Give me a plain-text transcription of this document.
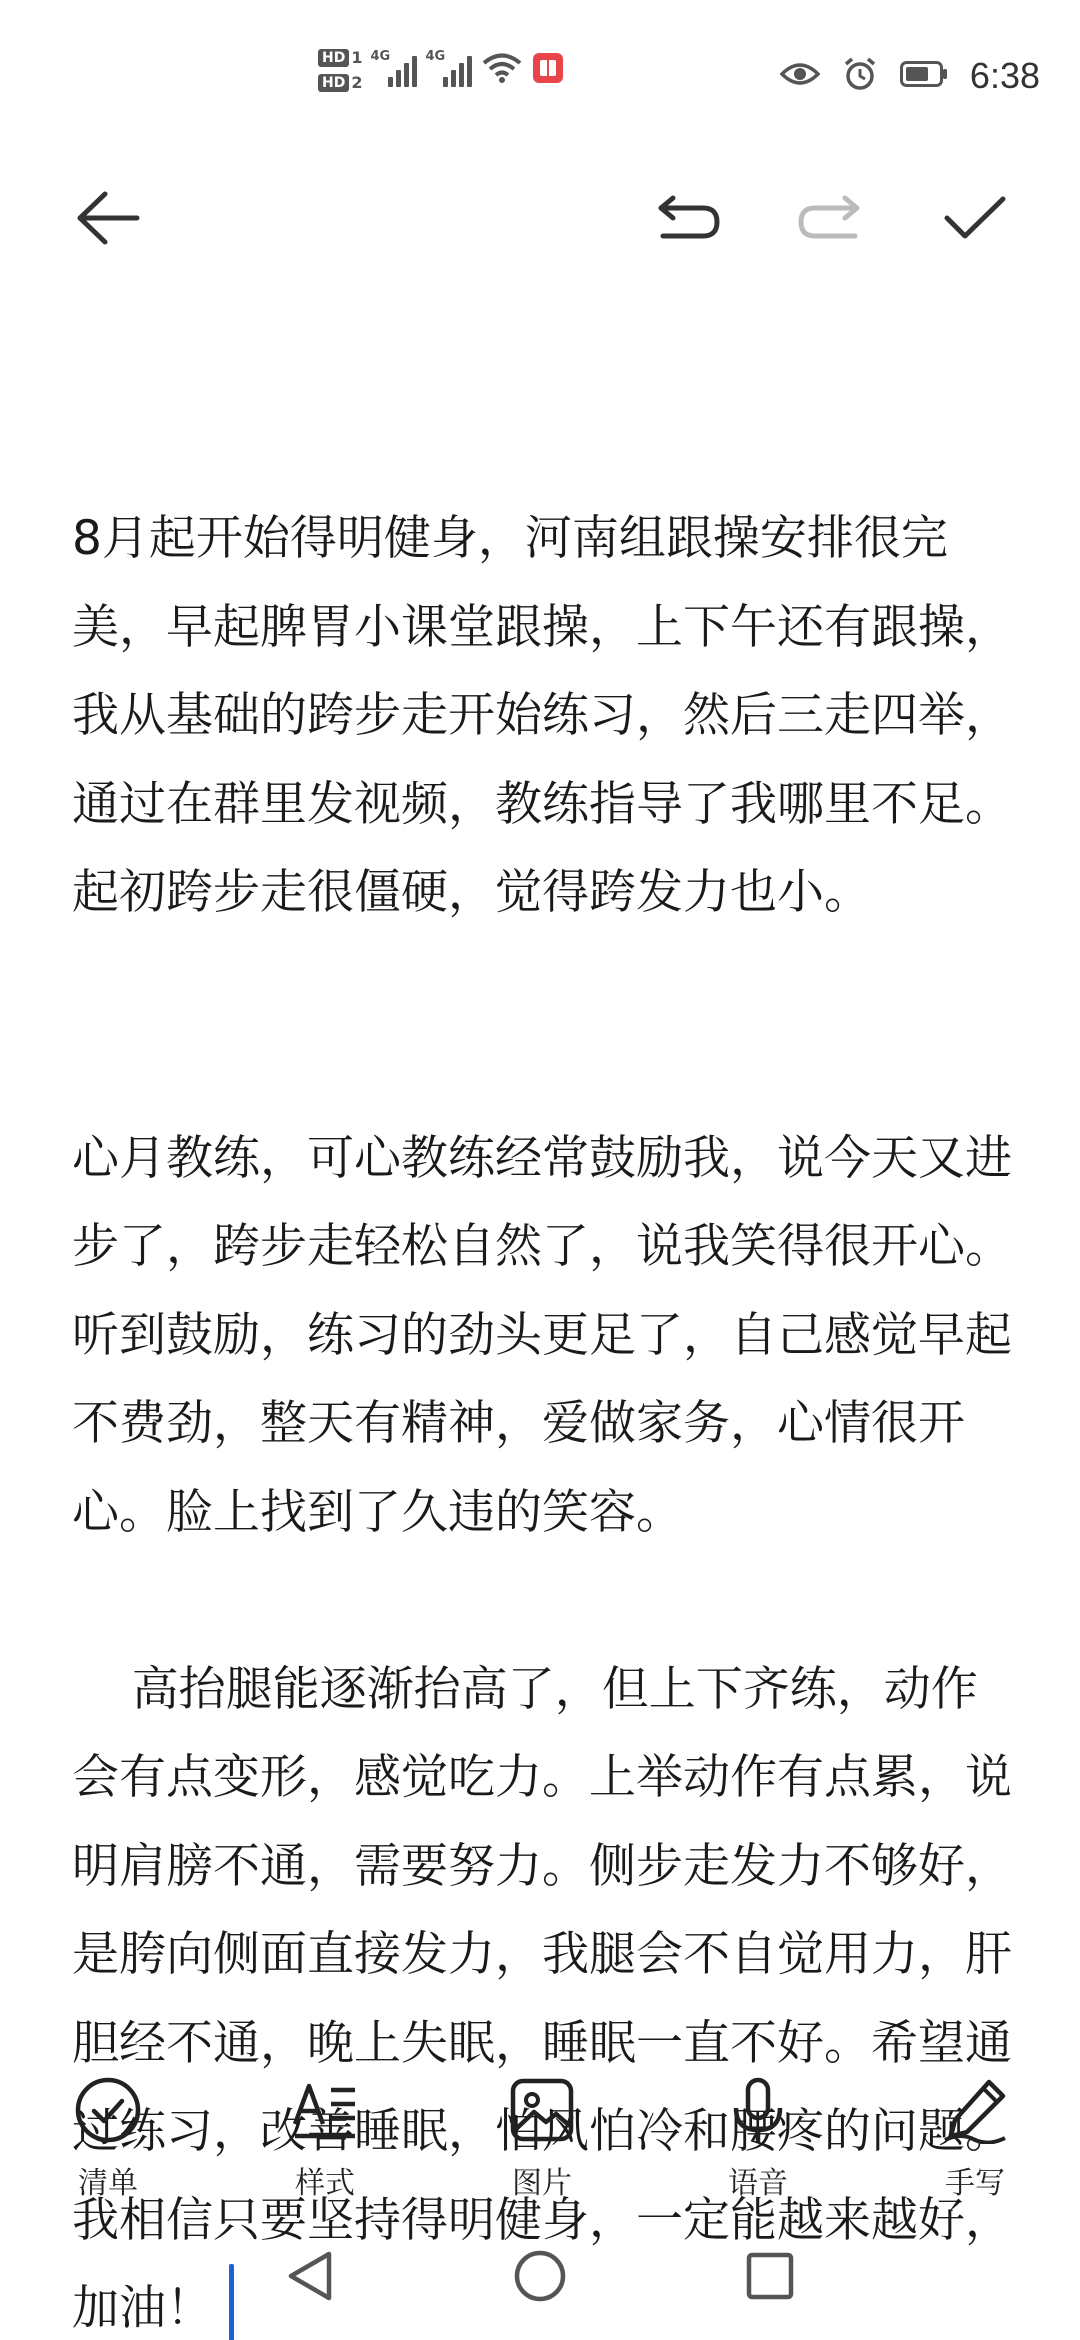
HD 1
HD 2
4G	4G	6:38

8月起开始得明健身，河南组跟操安排很完美，早起脾胃小课堂跟操，上下午还有跟操，我从基础的跨步走开始练习，然后三走四举，通过在群里发视频，教练指导了我哪里不足。起初跨步走很僵硬，觉得跨发力也小。

心月教练，可心教练经常鼓励我，说今天又进步了，跨步走轻松自然了，说我笑得很开心。听到鼓励，练习的劲头更足了，自己感觉早起不费劲，整天有精神，爱做家务，心情很开心。脸上找到了久违的笑容。

高抬腿能逐渐抬高了，但上下齐练，动作会有点变形，感觉吃力。上举动作有点累，说明肩膀不通，需要努力。侧步走发力不够好，是胯向侧面直接发力，我腿会不自觉用力，肝胆经不通，晚上失眠，睡眠一直不好。希望通过练习，改善睡眠，怕风怕冷和腰疼的问题。我相信只要坚持得明健身，一定能越来越好，加油！

清单	样式	图片	语音	手写
